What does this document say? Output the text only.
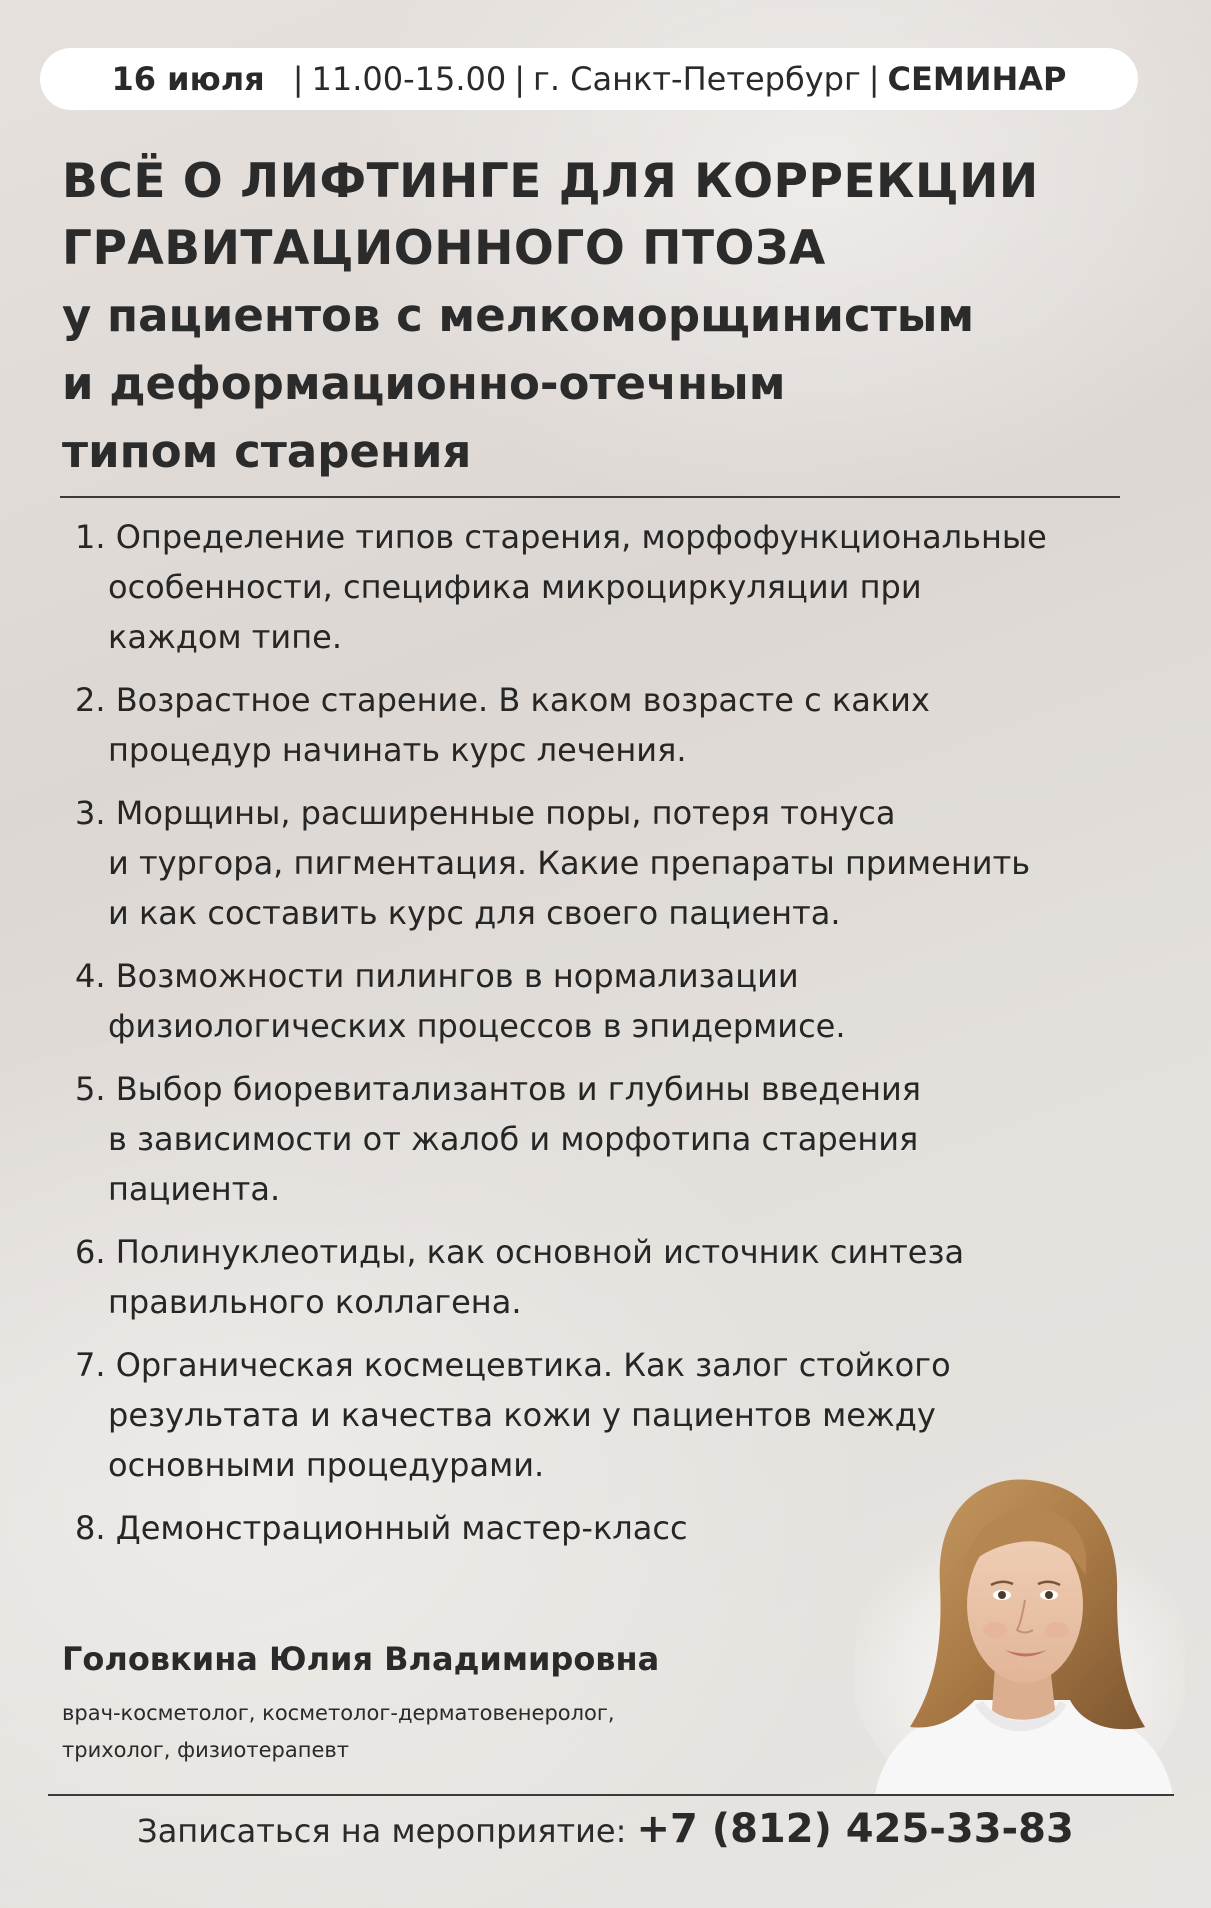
16 июля | 11.00-15.00 | г. Санкт-Петербург | СЕМИНАР
ВСЁ О ЛИФТИНГЕ ДЛЯ КОРРЕКЦИИ
ГРАВИТАЦИОННОГО ПТОЗА
у пациентов с мелкоморщинистым
и деформационно-отечным
типом старения
1. Определение типов старения, морфофункциональные
особенности, специфика микроциркуляции при
каждом типе.
2. Возрастное старение. В каком возрасте с каких
процедур начинать курс лечения.
3. Морщины, расширенные поры, потеря тонуса
и тургора, пигментация. Какие препараты применить
и как составить курс для своего пациента.
4. Возможности пилингов в нормализации
физиологических процессов в эпидермисе.
5. Выбор биоревитализантов и глубины введения
в зависимости от жалоб и морфотипа старения
пациента.
6. Полинуклеотиды, как основной источник синтеза
правильного коллагена.
7. Органическая космецевтика. Как залог стойкого
результата и качества кожи у пациентов между
основными процедурами.
8. Демонстрационный мастер-класс
Головкина Юлия Владимировна
врач-косметолог, косметолог-дерматовенеролог,
трихолог, физиотерапевт
Записаться на мероприятие: +7 (812) 425-33-83
